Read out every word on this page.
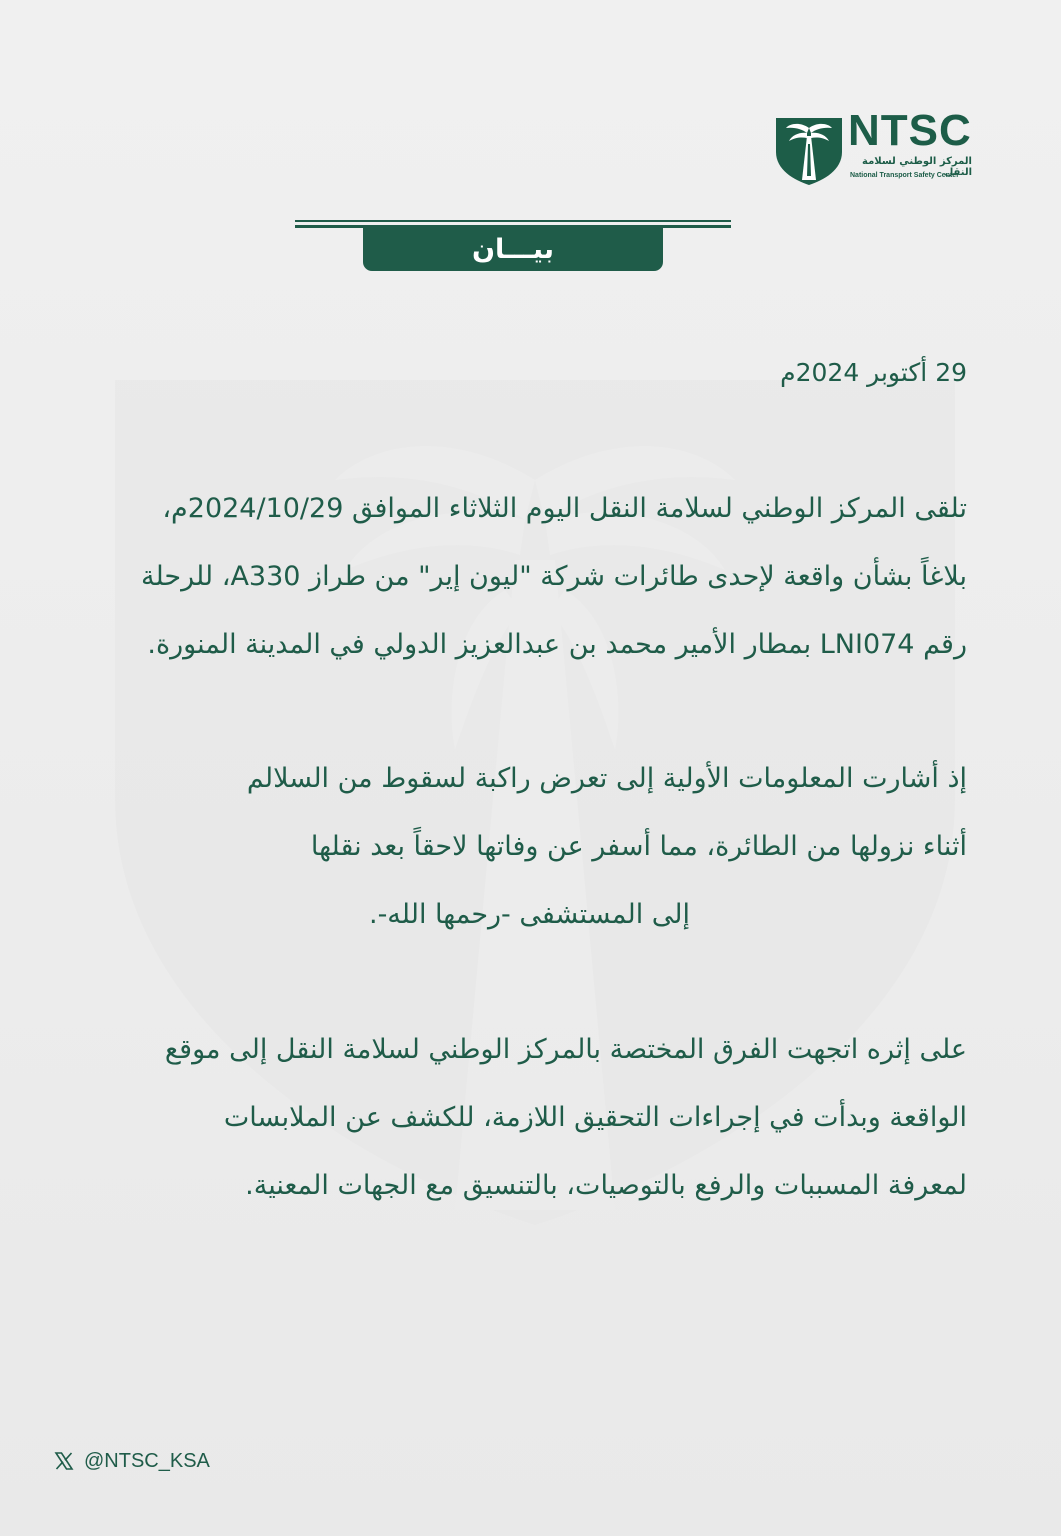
NTSC
المركز الوطني لسلامة النقل
National Transport Safety Center
بيـــان
29 أكتوبر 2024م
تلقى المركز الوطني لسلامة النقل اليوم الثلاثاء الموافق 2024/10/29م،
بلاغاً بشأن واقعة لإحدى طائرات شركة "ليون إير" من طراز A330، للرحلة
رقم LNI074 بمطار الأمير محمد بن عبدالعزيز الدولي في المدينة المنورة.
إذ أشارت المعلومات الأولية إلى تعرض راكبة لسقوط من السلالم
أثناء نزولها من الطائرة، مما أسفر عن وفاتها لاحقاً بعد نقلها
إلى المستشفى -رحمها الله-.
على إثره اتجهت الفرق المختصة بالمركز الوطني لسلامة النقل إلى موقع
الواقعة وبدأت في إجراءات التحقيق اللازمة، للكشف عن الملابسات
لمعرفة المسببات والرفع بالتوصيات، بالتنسيق مع الجهات المعنية.
@NTSC_KSA
